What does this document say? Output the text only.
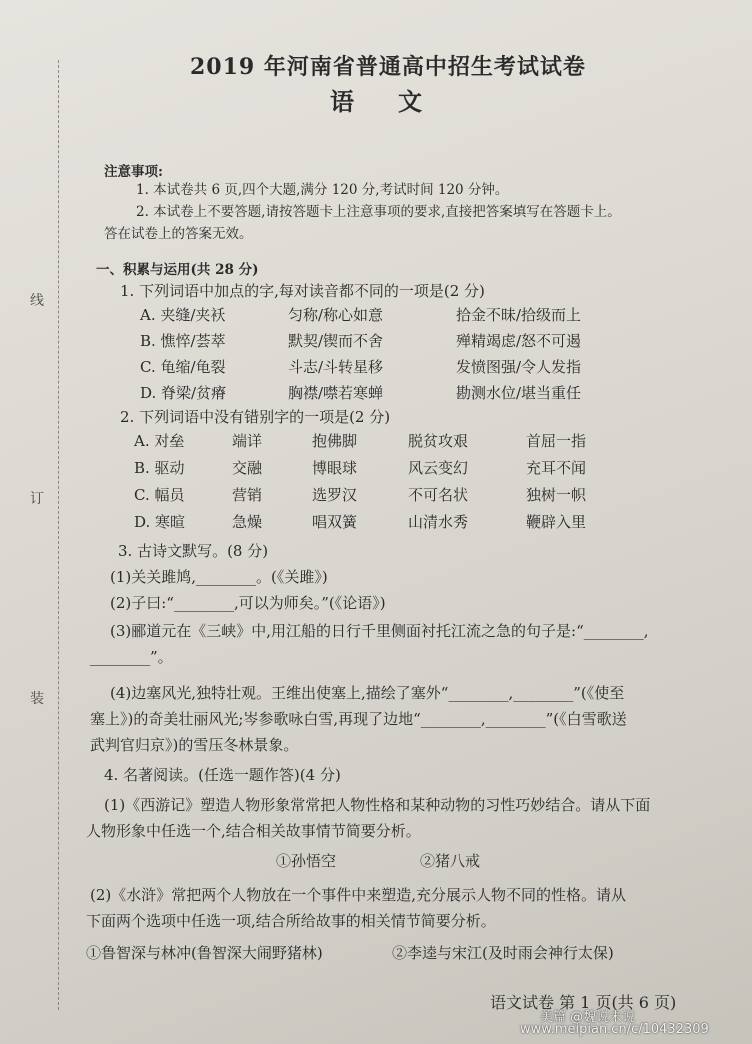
线
订
装
2019 年河南省普通高中招生考试试卷
语文
注意事项:
1. 本试卷共 6 页,四个大题,满分 120 分,考试时间 120 分钟。
2. 本试卷上不要答题,请按答题卡上注意事项的要求,直接把答案填写在答题卡上。
答在试卷上的答案无效。
一、积累与运用(共 28 分)
1. 下列词语中加点的字,每对读音都不同的一项是(2 分)
A. 夹缝/夹袄	匀称/称心如意	拾金不昧/拾级而上
B. 憔悴/荟萃	默契/锲而不舍	殚精竭虑/怒不可遏
C. 龟缩/龟裂	斗志/斗转星移	发愤图强/令人发指
D. 脊梁/贫瘠	胸襟/噤若寒蝉	勘测水位/堪当重任
2. 下列词语中没有错别字的一项是(2 分)
A. 对垒	端详	抱佛脚	脱贫攻艰	首屈一指
B. 驱动	交融	博眼球	风云变幻	充耳不闻
C. 幅员	营销	选罗汉	不可名状	独树一帜
D. 寒暄	急燥	唱双簧	山清水秀	鞭辟入里
3. 古诗文默写。(8 分)
(1)关关雎鸠,________。(《关雎》)
(2)子曰:“________,可以为师矣。”(《论语》)
(3)郦道元在《三峡》中,用江船的日行千里侧面衬托江流之急的句子是:“________,
________”。
(4)边塞风光,独特壮观。王维出使塞上,描绘了塞外“________,________”(《使至
塞上》)的奇美壮丽风光;岑参歌咏白雪,再现了边地“________,________”(《白雪歌送
武判官归京》)的雪压冬林景象。
4. 名著阅读。(任选一题作答)(4 分)
(1)《西游记》塑造人物形象常常把人物性格和某种动物的习性巧妙结合。请从下面
人物形象中任选一个,结合相关故事情节简要分析。
①孙悟空	②猪八戒
(2)《水浒》常把两个人物放在一个事件中来塑造,充分展示人物不同的性格。请从
下面两个选项中任选一项,结合所给故事的相关情节简要分析。
①鲁智深与林冲(鲁智深大闹野猪林)	②李逵与宋江(及时雨会神行太保)
语文试卷 第 1 页(共 6 页)
美篇 @魏说未说
www.meipian.cn/c/10432309
